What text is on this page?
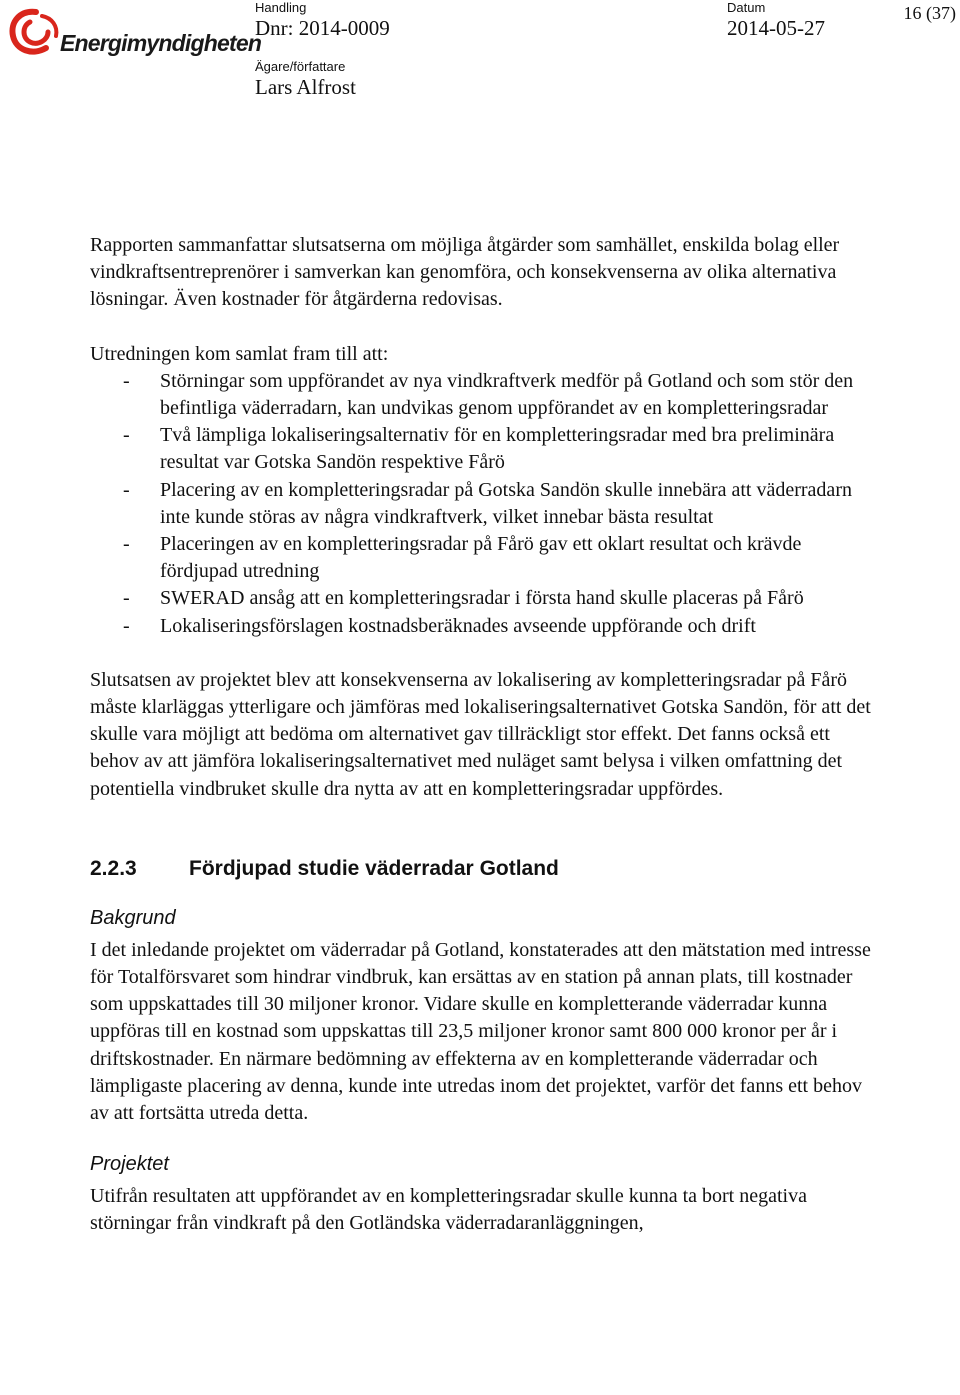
Energimyndigheten
Handling
Dnr: 2014-0009
Datum
2014-05-27
Ägare/författare
Lars Alfrost
16 (37)

Rapporten sammanfattar slutsatserna om möjliga åtgärder som samhället, enskilda bolag eller vindkraftsentreprenörer i samverkan kan genomföra, och konsekvenserna av olika alternativa lösningar. Även kostnader för åtgärderna redovisas.

Utredningen kom samlat fram till att:

- Störningar som uppförandet av nya vindkraftverk medför på Gotland och som stör den befintliga väderradarn, kan undvikas genom uppförandet av en kompletteringsradar
- Två lämpliga lokaliseringsalternativ för en kompletteringsradar med bra preliminära resultat var Gotska Sandön respektive Fårö
- Placering av en kompletteringsradar på Gotska Sandön skulle innebära att väderradarn inte kunde störas av några vindkraftverk, vilket innebar bästa resultat
- Placeringen av en kompletteringsradar på Fårö gav ett oklart resultat och krävde fördjupad utredning
- SWERAD ansåg att en kompletteringsradar i första hand skulle placeras på Fårö
- Lokaliseringsförslagen kostnadsberäknades avseende uppförande och drift

Slutsatsen av projektet blev att konsekvenserna av lokalisering av kompletteringsradar på Fårö måste klarläggas ytterligare och jämföras med lokaliseringsalternativet Gotska Sandön, för att det skulle vara möjligt att bedöma om alternativet gav tillräckligt stor effekt. Det fanns också ett behov av att jämföra lokaliseringsalternativet med nuläget samt belysa i vilken omfattning det potentiella vindbruket skulle dra nytta av att en kompletteringsradar uppfördes.

2.2.3	Fördjupad studie väderradar Gotland
Bakgrund

I det inledande projektet om väderradar på Gotland, konstaterades att den mätstation med intresse för Totalförsvaret som hindrar vindbruk, kan ersättas av en station på annan plats, till kostnader som uppskattades till 30 miljoner kronor. Vidare skulle en kompletterande väderradar kunna uppföras till en kostnad som uppskattas till 23,5 miljoner kronor samt 800 000 kronor per år i driftskostnader. En närmare bedömning av effekterna av en kompletterande väderradar och lämpligaste placering av denna, kunde inte utredas inom det projektet, varför det fanns ett behov av att fortsätta utreda detta.

Projektet

Utifrån resultaten att uppförandet av en kompletteringsradar skulle kunna ta bort negativa störningar från vindkraft på den Gotländska väderradaranläggningen,
